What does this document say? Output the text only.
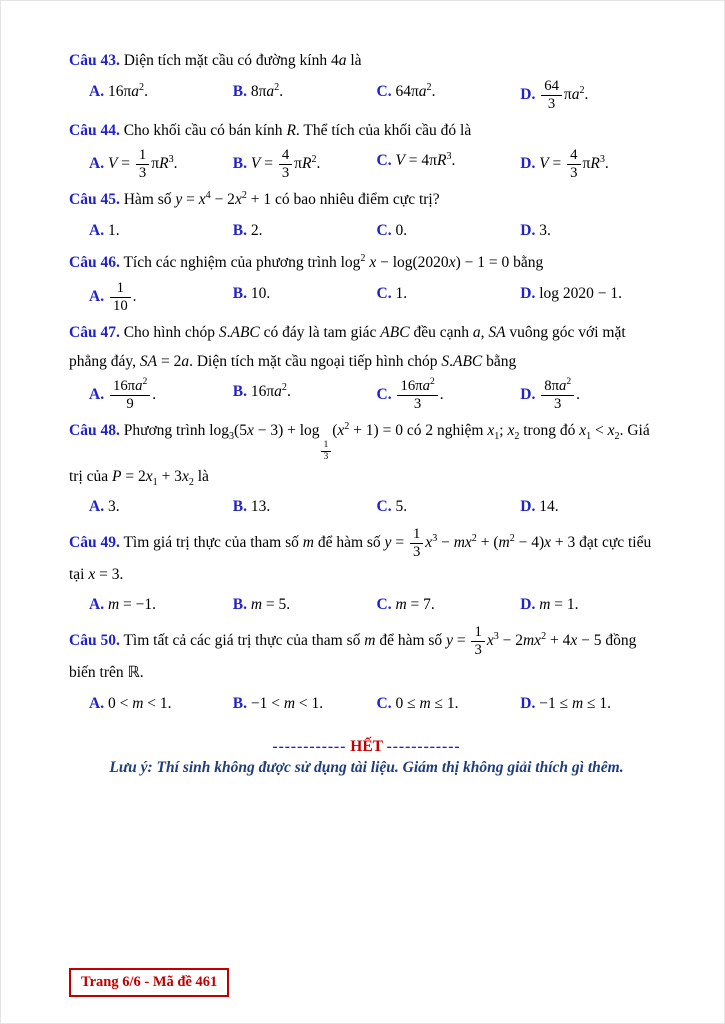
Câu 43. Diện tích mặt cầu có đường kính 4a là

A. $16\pi a^2$.	B. $8\pi a^2$.	C. $64\pi a^2$.	D. $\frac{64}{3} \pi a^2$.

Câu 44. Cho khối cầu có bán kính R. Thể tích của khối cầu đó là

A. $V = \frac{1}{3} \pi R^3$.	B. $V = \frac{4}{3} \pi R^2$.	C. $V = 4\pi R^3$.	D. $V = \frac{4}{3} \pi R^3$.

Câu 45. Hàm số $y = x^4 - 2x^2 + 1$ có bao nhiêu điểm cực trị?

A. 1.	B. 2.	C. 0.	D. 3.

Câu 46. Tích các nghiệm của phương trình $\log^2 x - \log(2020x) - 1 = 0$ bằng

A. $\frac{1}{10}$ .	B. 10.	C. 1.	D. log 2020 − 1.

Câu 47. Cho hình chóp S.ABC có đáy là tam giác ABC đều cạnh a, SA vuông góc với mặt phẳng đáy, SA = 2a. Diện tích mặt cầu ngoại tiếp hình chóp S.ABC bằng

A. $\frac{16\pi a^2}{9}$ .	B. $16\pi a^2$.	C. $\frac{16\pi a^2}{3}$ .	D. $\frac{8\pi a^2}{3}$ .

Câu 48. Phương trình $\log_3(5x - 3) + \log$
$\frac{1}{3}$
$(x^2 + 1) = 0$ có 2 nghiệm $x_1$; $x_2$ trong đó $x_1 < x_2$. Giá trị của $P = 2x_1 + 3x_2$ là

A. 3.	B. 13.	C. 5.	D. 14.

Câu 49. Tìm giá trị thực của tham số m để hàm số $y = \frac{1}{3} x^3 - mx^2 + (m^2 - 4)x + 3$ đạt cực tiểu tại x = 3.

A. m = −1.	B. m = 5.	C. m = 7.	D. m = 1.

Câu 50. Tìm tất cả các giá trị thực của tham số m để hàm số $y = \frac{1}{3} x^3 - 2mx^2 + 4x - 5$ đồng biến trên ℝ.

A. 0 < m < 1.	B. −1 < m < 1.	C. 0 ≤ m ≤ 1.	D. −1 ≤ m ≤ 1.

------------ HẾT ------------

Lưu ý: Thí sinh không được sử dụng tài liệu. Giám thị không giải thích gì thêm.

Trang 6/6 - Mã đề 461
